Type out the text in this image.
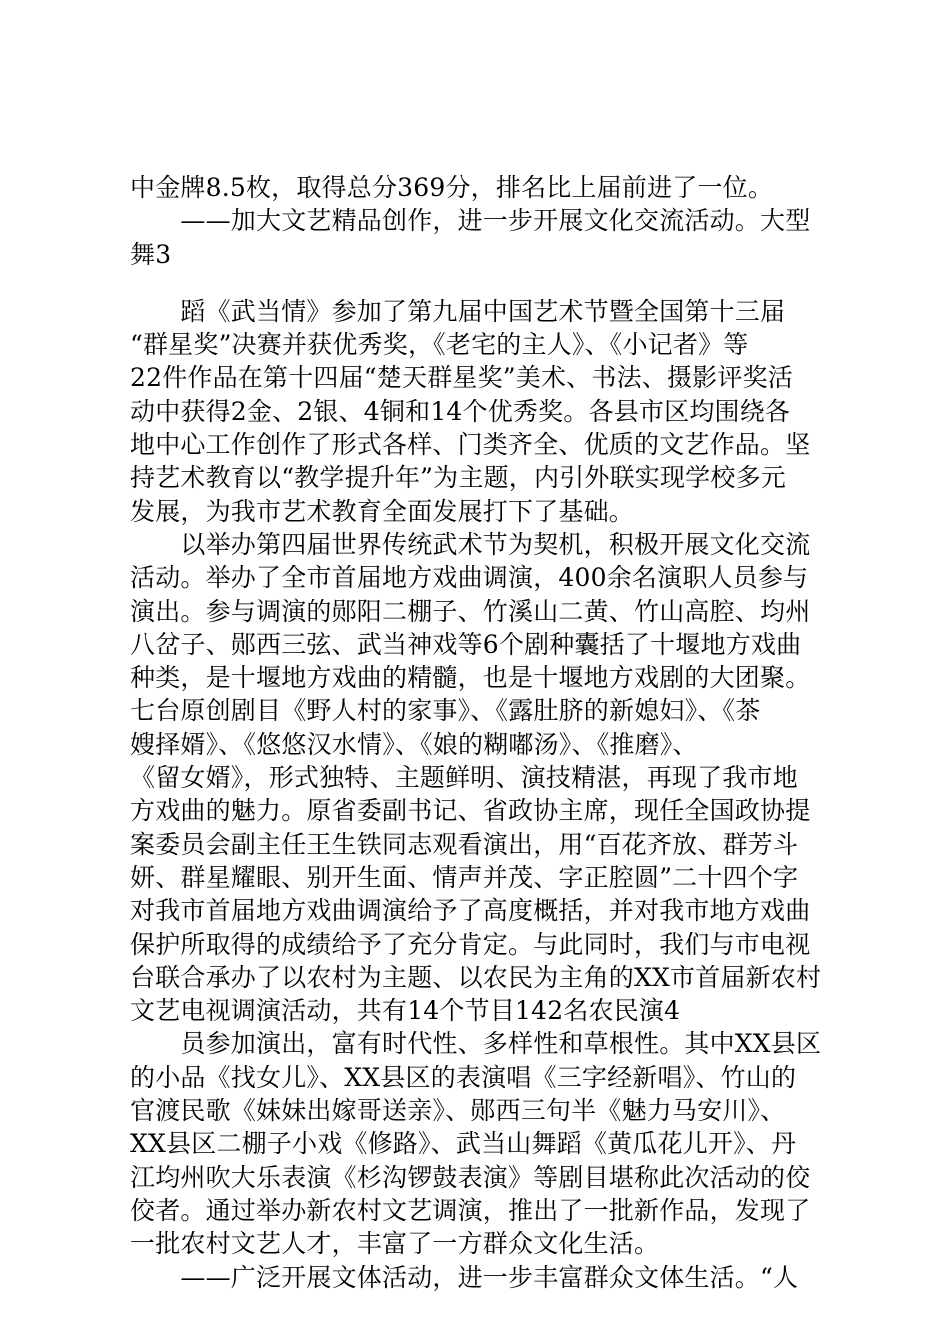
中金牌8.5枚，取得总分369分，排名比上届前进了一位。

　　——加大文艺精品创作，进一步开展文化交流活动。大型

舞3

　　蹈《武当情》参加了第九届中国艺术节暨全国第十三届

“群星奖”决赛并获优秀奖，《老宅的主人》、《小记者》等

22件作品在第十四届“楚天群星奖”美术、书法、摄影评奖活

动中获得2金、2银、4铜和14个优秀奖。各县市区均围绕各

地中心工作创作了形式各样、门类齐全、优质的文艺作品。坚

持艺术教育以“教学提升年”为主题，内引外联实现学校多元

发展，为我市艺术教育全面发展打下了基础。

　　以举办第四届世界传统武术节为契机，积极开展文化交流

活动。举办了全市首届地方戏曲调演，400余名演职人员参与

演出。参与调演的郧阳二棚子、竹溪山二黄、竹山高腔、均州

八岔子、郧西三弦、武当神戏等6个剧种囊括了十堰地方戏曲

种类，是十堰地方戏曲的精髓，也是十堰地方戏剧的大团聚。

七台原创剧目《野人村的家事》、《露肚脐的新媳妇》、《茶

嫂择婿》、《悠悠汉水情》、《娘的糊嘟汤》、《推磨》、

《留女婿》，形式独特、主题鲜明、演技精湛，再现了我市地

方戏曲的魅力。原省委副书记、省政协主席，现任全国政协提

案委员会副主任王生铁同志观看演出，用“百花齐放、群芳斗

妍、群星耀眼、别开生面、情声并茂、字正腔圆”二十四个字

对我市首届地方戏曲调演给予了高度概括，并对我市地方戏曲

保护所取得的成绩给予了充分肯定。与此同时，我们与市电视

台联合承办了以农村为主题、以农民为主角的XX市首届新农村

文艺电视调演活动，共有14个节目142名农民演4

　　员参加演出，富有时代性、多样性和草根性。其中XX县区

的小品《找女儿》、XX县区的表演唱《三字经新唱》、竹山的

官渡民歌《妹妹出嫁哥送亲》、郧西三句半《魅力马安川》、

XX县区二棚子小戏《修路》、武当山舞蹈《黄瓜花儿开》、丹

江均州吹大乐表演《杉沟锣鼓表演》等剧目堪称此次活动的佼

佼者。通过举办新农村文艺调演，推出了一批新作品，发现了

一批农村文艺人才，丰富了一方群众文化生活。

　　——广泛开展文体活动，进一步丰富群众文体生活。“人
